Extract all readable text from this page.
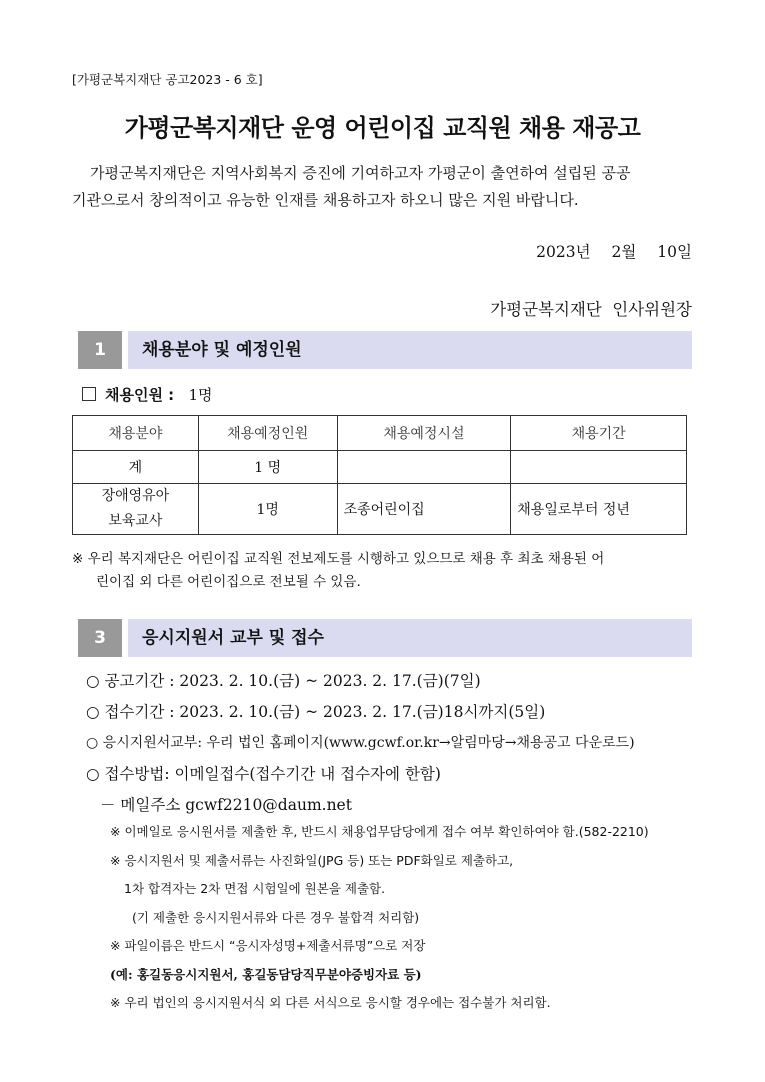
[가평군복지재단 공고2023 - 6 호]
가평군복지재단 운영 어린이집 교직원 채용 재공고
가평군복지재단은 지역사회복지 증진에 기여하고자 가평군이 출연하여 설립된 공공
기관으로서 창의적이고 유능한 인재를 채용하고자 하오니 많은 지원 바랍니다.
2023년 2월 10일
가평군복지재단  인사위원장
1	채용분야 및 예정인원
채용인원 : 1명
채용분야	채용예정인원	채용예정시설	채용기간
계	1 명		

장애영유아
보육교사	1명	조종어린이집	채용일로부터 정년
※ 우리 복지재단은 어린이집 교직원 전보제도를 시행하고 있으므로 채용 후 최초 채용된 어
린이집 외 다른 어린이집으로 전보될 수 있음.
3	응시지원서 교부 및 접수
○ 공고기간 : 2023. 2. 10.(금) ~ 2023. 2. 17.(금)(7일)
○ 접수기간 : 2023. 2. 10.(금) ~ 2023. 2. 17.(금)18시까지(5일)
○ 응시지원서교부: 우리 법인 홈페이지(www.gcwf.or.kr→알림마당→채용공고 다운로드)
○ 접수방법: 이메일접수(접수기간 내 접수자에 한함)
－ 메일주소 gcwf2210@daum.net
※ 이메일로 응시원서를 제출한 후, 반드시 채용업무담당에게 접수 여부 확인하여야 함.(582-2210)
※ 응시지원서 및 제출서류는 사진화일(JPG 등) 또는 PDF화일로 제출하고,
1차 합격자는 2차 면접 시험일에 원본을 제출함.
(기 제출한 응시지원서류와 다른 경우 불합격 처리함)
※ 파일이름은 반드시 “응시자성명+제출서류명”으로 저장
(예: 홍길동응시지원서, 홍길동담당직무분야증빙자료 등)
※ 우리 법인의 응시지원서식 외 다른 서식으로 응시할 경우에는 접수불가 처리함.
